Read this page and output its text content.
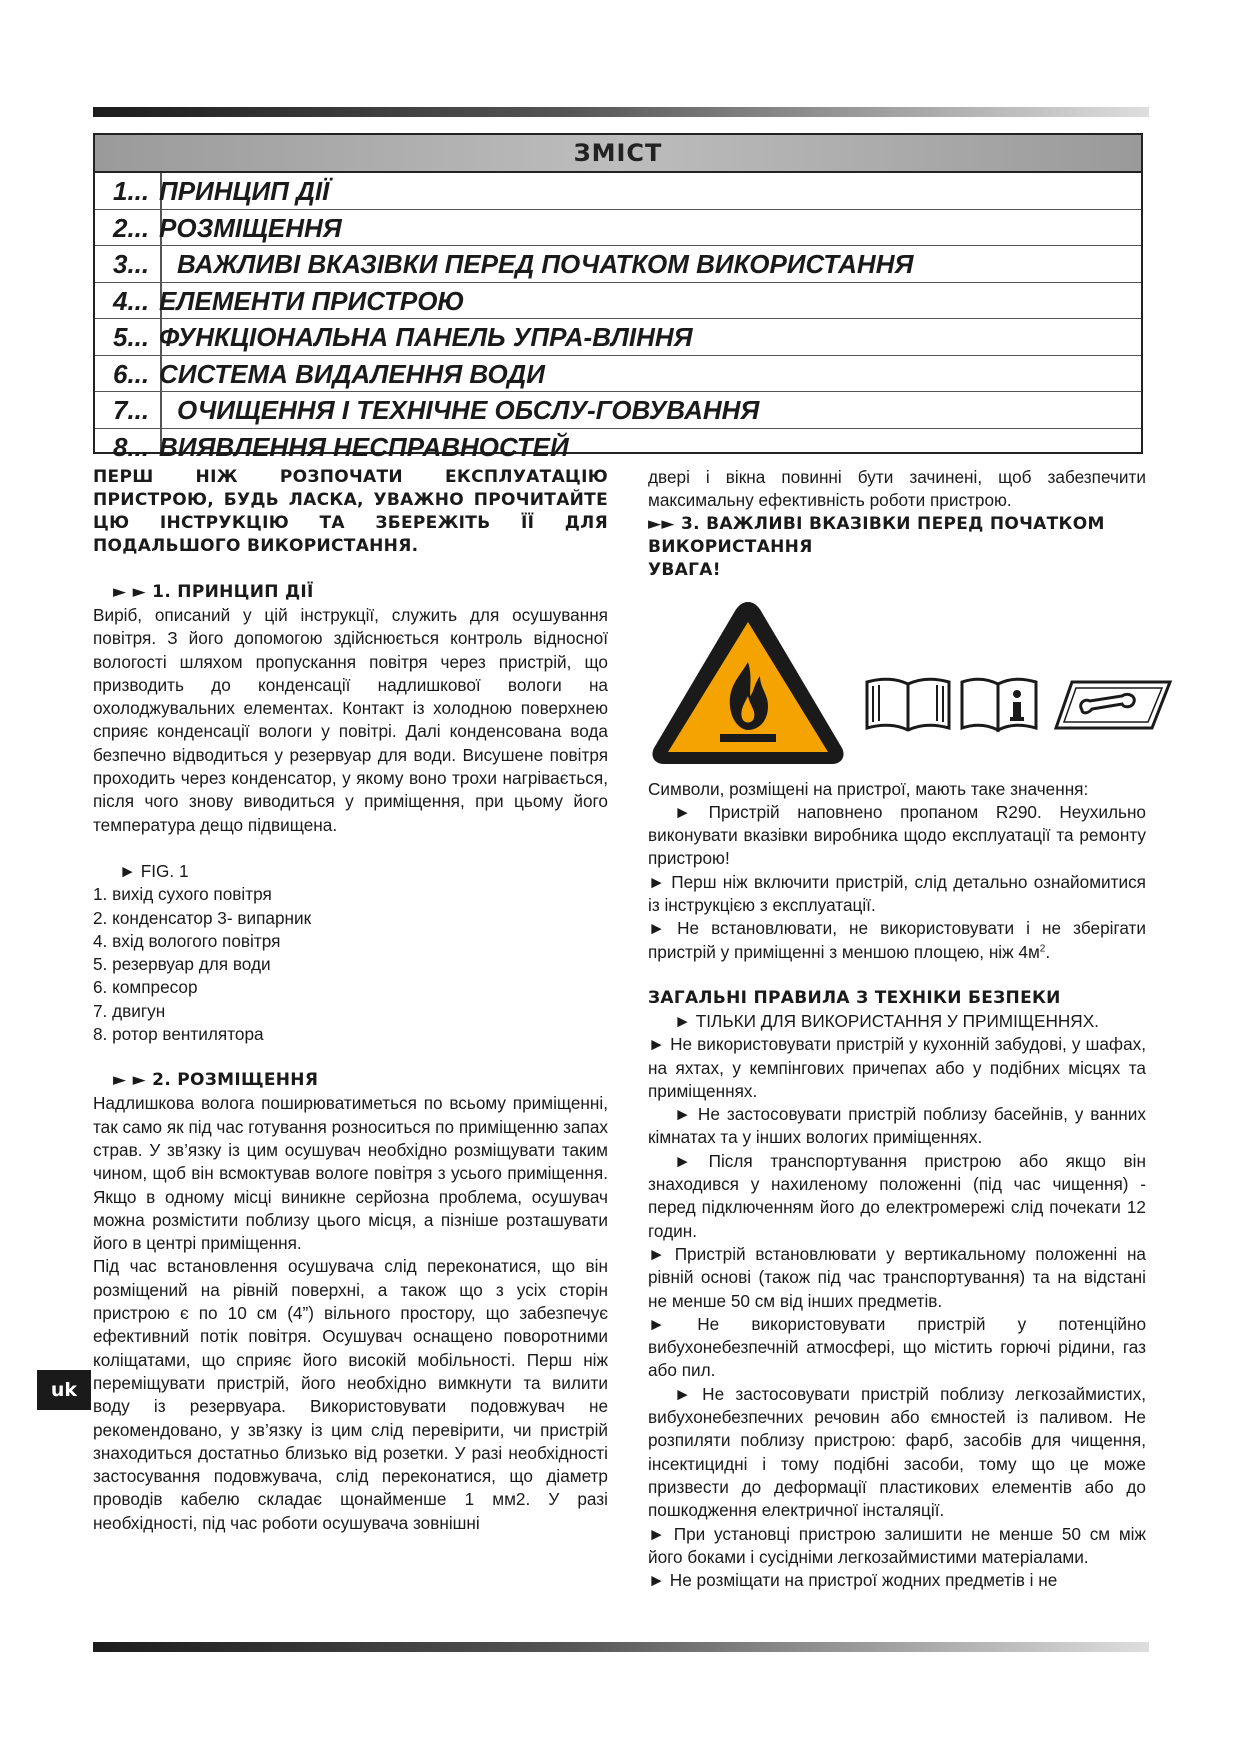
ЗМІСТ
1... ПРИНЦИП ДІЇ
2... РОЗМІЩЕННЯ
3... ВАЖЛИВІ ВКАЗІВКИ ПЕРЕД ПОЧАТКОМ ВИКОРИСТАННЯ
4... ЕЛЕМЕНТИ ПРИСТРОЮ
5... ФУНКЦІОНАЛЬНА ПАНЕЛЬ УПРА-ВЛІННЯ
6... СИСТЕМА ВИДАЛЕННЯ ВОДИ
7... ОЧИЩЕННЯ І ТЕХНІЧНЕ ОБСЛУ-ГОВУВАННЯ
8... ВИЯВЛЕННЯ НЕСПРАВНОСТЕЙ

ПЕРШ НІЖ РОЗПОЧАТИ ЕКСПЛУАТАЦІЮ ПРИСТРОЮ, БУДЬ ЛАСКА, УВАЖНО ПРОЧИТАЙТЕ ЦЮ ІНСТРУКЦІЮ ТА ЗБЕРЕЖІТЬ ЇЇ ДЛЯ ПОДАЛЬШОГО ВИКОРИСТАННЯ.

► ► 1. ПРИНЦИП ДІЇ

Виріб, описаний у цій інструкції, служить для осушування повітря. З його допомогою здійснюється контроль відносної вологості шляхом пропускання повітря через пристрій, що призводить до конденсації надлишкової вологи на охолоджувальних елементах. Контакт із холодною поверхнею сприяє конденсації вологи у повітрі. Далі конденсована вода безпечно відводиться у резервуар для води. Висушене повітря проходить через конденсатор, у якому воно трохи нагрівається, після чого знову виводиться у приміщення, при цьому його температура дещо підвищена.

► FIG. 1

1. вихід сухого повітря

2. конденсатор 3- випарник

4. вхід вологого повітря

5. резервуар для води

6. компресор

7. двигун

8. ротор вентилятора

► ► 2. РОЗМІЩЕННЯ

Надлишкова волога поширюватиметься по всьому приміщенні, так само як під час готування розноситься по приміщенню запах страв. У зв’язку із цим осушувач необхідно розміщувати таким чином, щоб він всмоктував вологе повітря з усього приміщення. Якщо в одному місці виникне серйозна проблема, осушувач можна розмістити поблизу цього місця, а пізніше розташувати його в центрі приміщення.

Під час встановлення осушувача слід переконатися, що він розміщений на рівній поверхні, а також що з усіх сторін пристрою є по 10 см (4”) вільного простору, що забезпечує ефективний потік повітря. Осушувач оснащено поворотними коліщатами, що сприяє його високій мобільності. Перш ніж переміщувати пристрій, його необхідно вимкнути та вилити воду із резервуара. Використовувати подовжувач не рекомендовано, у зв’язку із цим слід перевірити, чи пристрій знаходиться достатньо близько від розетки. У разі необхідності застосування подовжувача, слід переконатися, що діаметр проводів кабелю складає щонайменше 1 мм2. У разі необхідності, під час роботи осушувача зовнішні

uk

двері і вікна повинні бути зачинені, щоб забезпечити максимальну ефективність роботи пристрою.

►► 3. ВАЖЛИВІ ВКАЗІВКИ ПЕРЕД ПОЧАТКОМ ВИКОРИСТАННЯ

УВАГА!

Символи, розміщені на пристрої, мають таке значення:

► Пристрій наповнено пропаном R290. Неухильно виконувати вказівки виробника щодо експлуатації та ремонту пристрою!

► Перш ніж включити пристрій, слід детально ознайомитися із інструкцією з експлуатації.

► Не встановлювати, не використовувати і не зберігати пристрій у приміщенні з меншою площею, ніж $4м^2$.

ЗАГАЛЬНІ ПРАВИЛА З ТЕХНІКИ БЕЗПЕКИ

► ТІЛЬКИ ДЛЯ ВИКОРИСТАННЯ У ПРИМІЩЕННЯХ.

► Не використовувати пристрій у кухонній забудові, у шафах, на яхтах, у кемпінгових причепах або у подібних місцях та приміщеннях.

► Не застосовувати пристрій поблизу басейнів, у ванних кімнатах та у інших вологих приміщеннях.

► Після транспортування пристрою або якщо він знаходився у нахиленому положенні (під час чищення) - перед підключенням його до електромережі слід почекати 12 годин.

► Пристрій встановлювати у вертикальному положенні на рівній основі (також під час транспортування) та на відстані не менше 50 см від інших предметів.

► Не використовувати пристрій у потенційно вибухонебезпечній атмосфері, що містить горючі рідини, газ або пил.

► Не застосовувати пристрій поблизу легкозаймистих, вибухонебезпечних речовин або ємностей із паливом. Не розпиляти поблизу пристрою: фарб, засобів для чищення, інсектицидні і тому подібні засоби, тому що це може призвести до деформації пластикових елементів або до пошкодження електричної інсталяції.

► При установці пристрою залишити не менше 50 см між його боками і сусідніми легкозаймистими матеріалами.

► Не розміщати на пристрої жодних предметів і не
